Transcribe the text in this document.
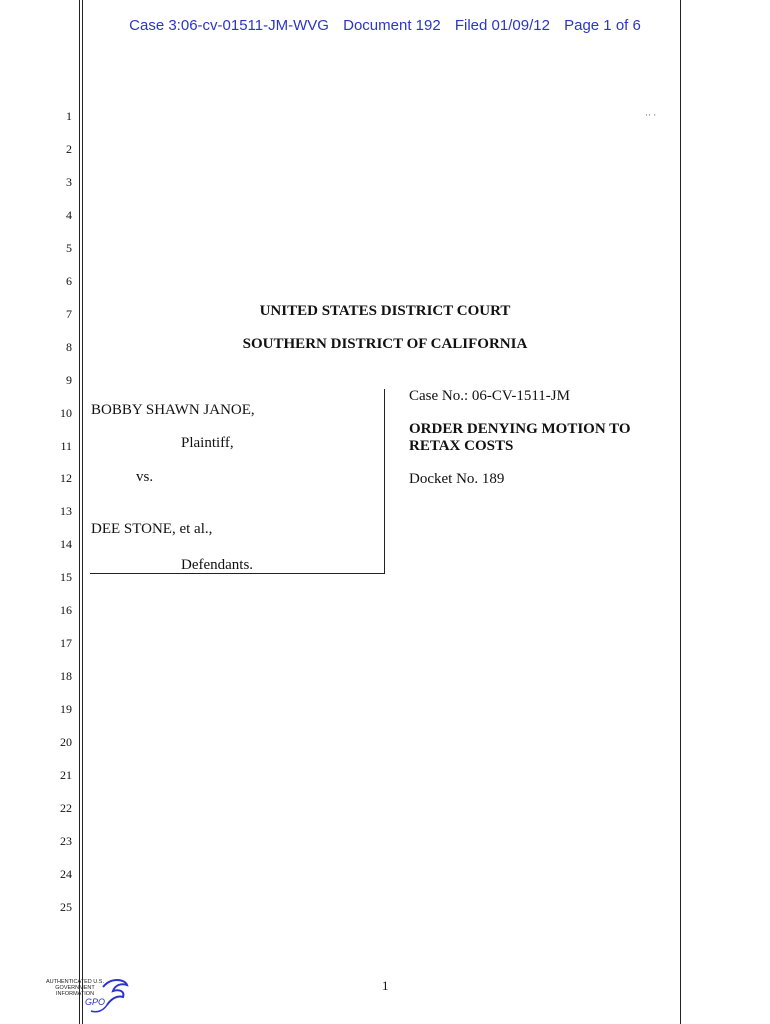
Case 3:06-cv-01511-JM-WVG Document 192 Filed 01/09/12 Page 1 of 6
·· ·
1
2
3
4
5
6
7
8
9
10
11
12
13
14
15
16
17
18
19
20
21
22
23
24
25
UNITED STATES DISTRICT COURT
SOUTHERN DISTRICT OF CALIFORNIA
BOBBY SHAWN JANOE,
Plaintiff,
vs.
DEE STONE, et al.,
Defendants.
Case No.: 06-CV-1511-JM
ORDER DENYING MOTION TO
RETAX COSTS
Docket No. 189
1
AUTHENTICATED U.S. GOVERNMENT INFORMATION
GPO
